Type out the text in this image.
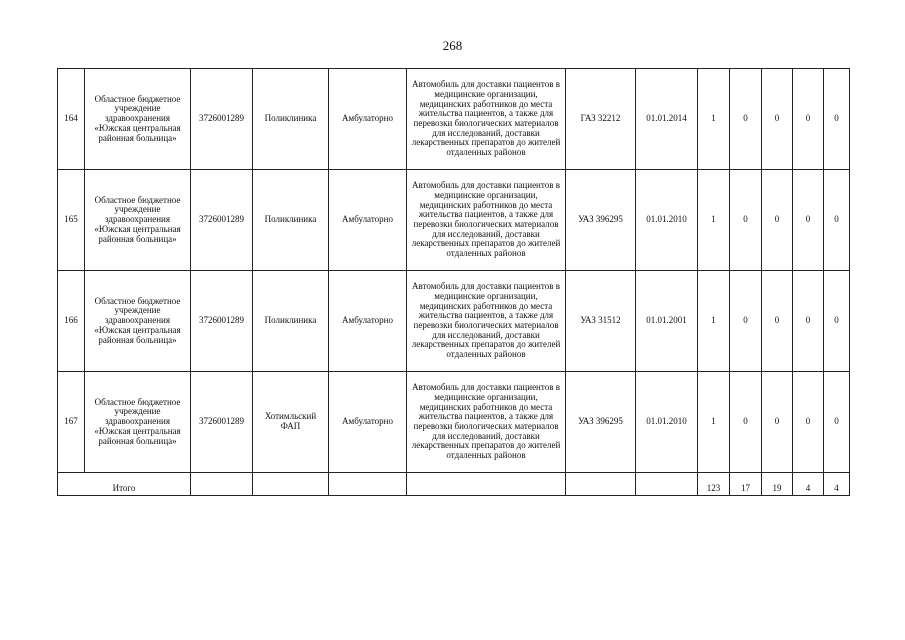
268
164	Областное бюджетное учреждение здравоохранения «Южская центральная районная больница»	3726001289	Поликлиника	Амбулаторно	Автомобиль для доставки пациентов в медицинские организации, медицинских работников до места жительства пациентов, а также для перевозки биологических материалов для исследований, доставки лекарственных препаратов до жителей отдаленных районов	ГАЗ 32212	01.01.2014	1	0	0	0	0
165	Областное бюджетное учреждение здравоохранения «Южская центральная районная больница»	3726001289	Поликлиника	Амбулаторно	Автомобиль для доставки пациентов в медицинские организации, медицинских работников до места жительства пациентов, а также для перевозки биологических материалов для исследований, доставки лекарственных препаратов до жителей отдаленных районов	УАЗ 396295	01.01.2010	1	0	0	0	0
166	Областное бюджетное учреждение здравоохранения «Южская центральная районная больница»	3726001289	Поликлиника	Амбулаторно	Автомобиль для доставки пациентов в медицинские организации, медицинских работников до места жительства пациентов, а также для перевозки биологических материалов для исследований, доставки лекарственных препаратов до жителей отдаленных районов	УАЗ 31512	01.01.2001	1	0	0	0	0
167	Областное бюджетное учреждение здравоохранения «Южская центральная районная больница»	3726001289	Хотимльский ФАП	Амбулаторно	Автомобиль для доставки пациентов в медицинские организации, медицинских работников до места жительства пациентов, а также для перевозки биологических материалов для исследований, доставки лекарственных препаратов до жителей отдаленных районов	УАЗ 396295	01.01.2010	1	0	0	0	0
Итого								123	17	19	4	4
